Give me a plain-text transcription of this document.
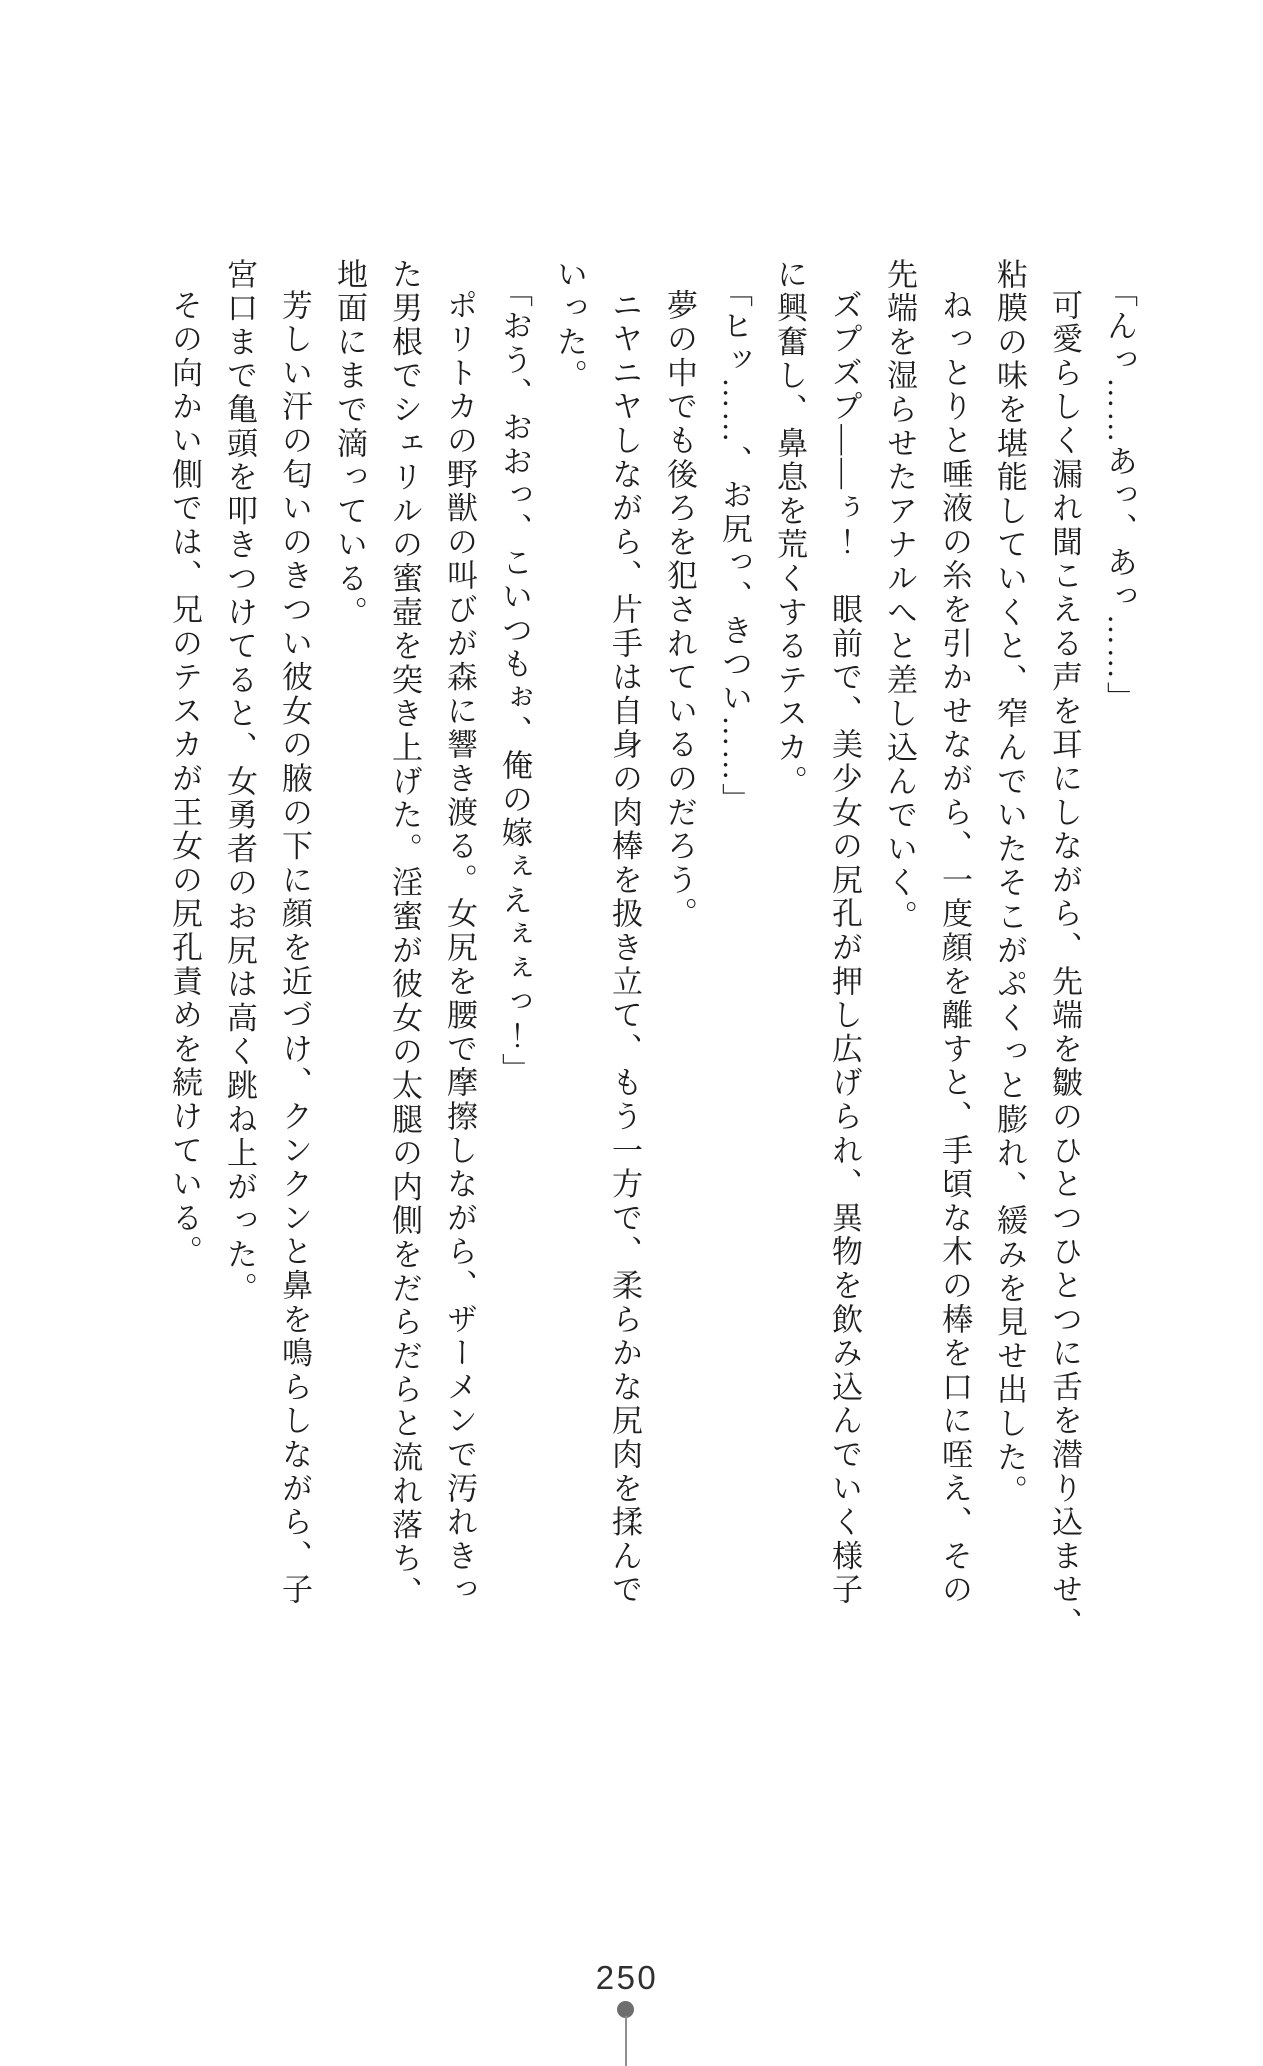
「んっ……あっ、あっ……」

可愛らしく漏れ聞こえる声を耳にしながら、先端を皺のひとつひとつに舌を潜り込ませ、

粘膜の味を堪能していくと、窄んでいたそこがぷくっと膨れ、緩みを見せ出した。

ねっとりと唾液の糸を引かせながら、一度顔を離すと、手頃な木の棒を口に咥え、その

先端を湿らせたアナルへと差し込んでいく。

ズプズプ――ぅ！　眼前で、美少女の尻孔が押し広げられ、異物を飲み込んでいく様子

に興奮し、鼻息を荒くするテスカ。

「ヒッ……、お尻っ、きつい……」

夢の中でも後ろを犯されているのだろう。

ニヤニヤしながら、片手は自身の肉棒を扱き立て、もう一方で、柔らかな尻肉を揉んで

いった。

「おう、おおっ、こいつもぉ、俺の嫁ぇえぇぇっ！」

ポリトカの野獣の叫びが森に響き渡る。女尻を腰で摩擦しながら、ザーメンで汚れきっ

た男根でシェリルの蜜壺を突き上げた。淫蜜が彼女の太腿の内側をだらだらと流れ落ち、

地面にまで滴っている。

芳しい汗の匂いのきつい彼女の腋の下に顔を近づけ、クンクンと鼻を鳴らしながら、子

宮口まで亀頭を叩きつけてると、女勇者のお尻は高く跳ね上がった。

その向かい側では、兄のテスカが王女の尻孔責めを続けている。

250
